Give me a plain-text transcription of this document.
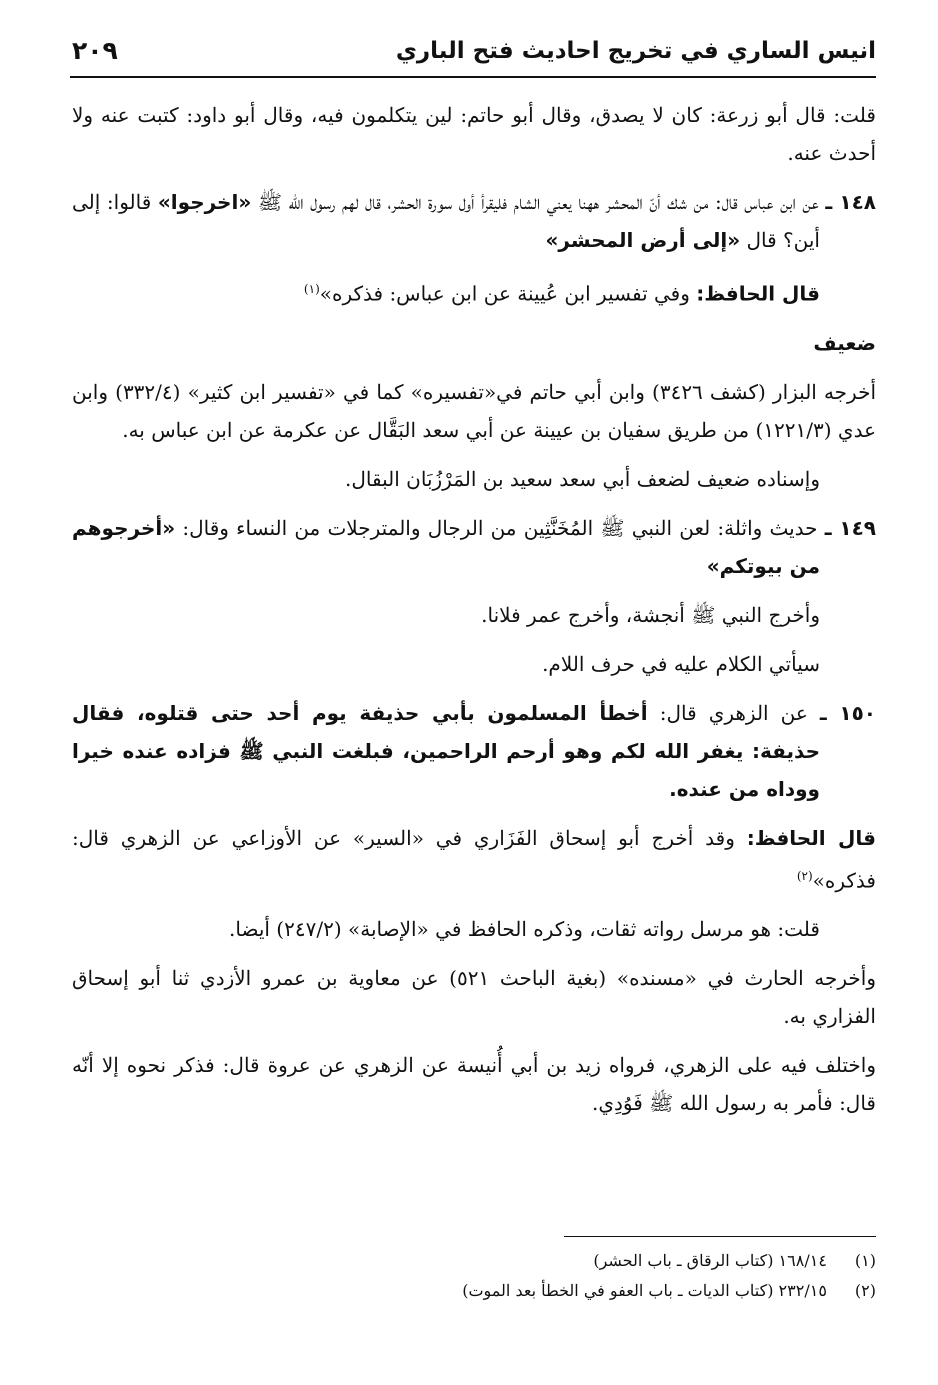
انيس الساري في تخريج احاديث فتح الباري
٢٠٩

قلت: قال أبو زرعة: كان لا يصدق، وقال أبو حاتم: لين يتكلمون فيه، وقال أبو داود: كتبت عنه ولا أحدث عنه.

١٤٨ ـ عن ابن عباس قال: من شك أنّ المحشر ههنا يعني الشام فليقرأ أول سورة الحشر، قال لهم رسول الله ﷺ «اخرجوا» قالوا: إلى أين؟ قال «إلى أرض المحشر»

قال الحافظ: وفي تفسير ابن عُيينة عن ابن عباس: فذكره»$^{(١)}$

ضعيف

أخرجه البزار (كشف ٣٤٢٦) وابن أبي حاتم في«تفسيره» كما في «تفسير ابن كثير» (٣٣٢/٤) وابن عدي (١٢٢١/٣) من طريق سفيان بن عيينة عن أبي سعد البَقَّال عن عكرمة عن ابن عباس به.

وإسناده ضعيف لضعف أبي سعد سعيد بن المَرْزُبَان البقال.

١٤٩ ـ حديث واثلة: لعن النبي ﷺ المُخَنَّثِين من الرجال والمترجلات من النساء وقال: «أخرجوهم من بيوتكم»

وأخرج النبي ﷺ أنجشة، وأخرج عمر فلانا.

سيأتي الكلام عليه في حرف اللام.

١٥٠ ـ عن الزهري قال: أخطأ المسلمون بأبي حذيفة يوم أحد حتى قتلوه، فقال حذيفة: يغفر الله لكم وهو أرحم الراحمين، فبلغت النبي ﷺ فزاده عنده خيرا ووداه من عنده.

قال الحافظ: وقد أخرج أبو إسحاق الفَزَاري في «السير» عن الأوزاعي عن الزهري قال: فذكره»$^{(٢)}$

قلت: هو مرسل رواته ثقات، وذكره الحافظ في «الإصابة» (٢٤٧/٢) أيضا.

وأخرجه الحارث في «مسنده» (بغية الباحث ٥٢١) عن معاوية بن عمرو الأزدي ثنا أبو إسحاق الفزاري به.

واختلف فيه على الزهري، فرواه زيد بن أبي أُنيسة عن الزهري عن عروة قال: فذكر نحوه إلا أنّه قال: فأمر به رسول الله ﷺ فَوُدِي.

(١) ١٦٨/١٤ (كتاب الرقاق ـ باب الحشر)

(٢) ٢٣٢/١٥ (كتاب الديات ـ باب العفو في الخطأ بعد الموت)
